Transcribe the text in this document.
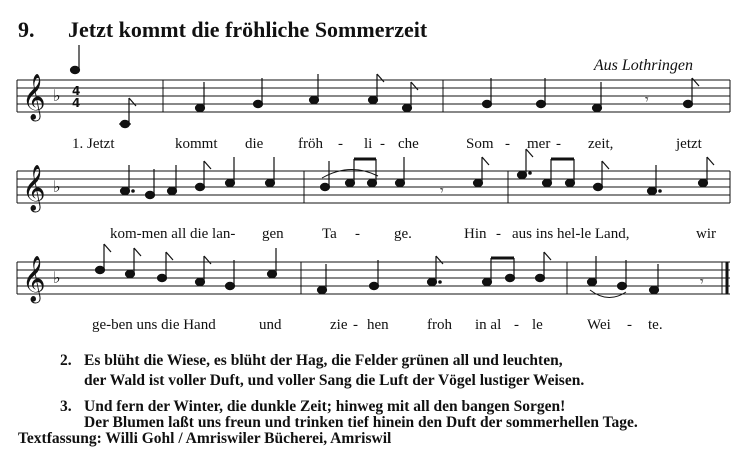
9. Jetzt kommt die fröhliche Sommerzeit
Aus Lothringen
𝄞
𝄞
𝄞
♭
♭
♭
4
4	𝄾
𝄾
𝄾
1. Jetzt	kommt die fröh - li - che	Som - mer - zeit,	jetzt
kom-men all die lan- gen	Ta - ge.	Hin - aus ins hel-le Land,	wir
ge-ben uns die Hand	und	zie - hen	froh in al - le	Wei - te.
2. Es blüht die Wiese, es blüht der Hag, die Felder grünen all und leuchten,
der Wald ist voller Duft, und voller Sang die Luft der Vögel lustiger Weisen.
3. Und fern der Winter, die dunkle Zeit; hinweg mit all den bangen Sorgen!
Der Blumen laßt uns freun und trinken tief hinein den Duft der sommerhellen Tage.
Textfassung: Willi Gohl / Amriswiler Bücherei, Amriswil
